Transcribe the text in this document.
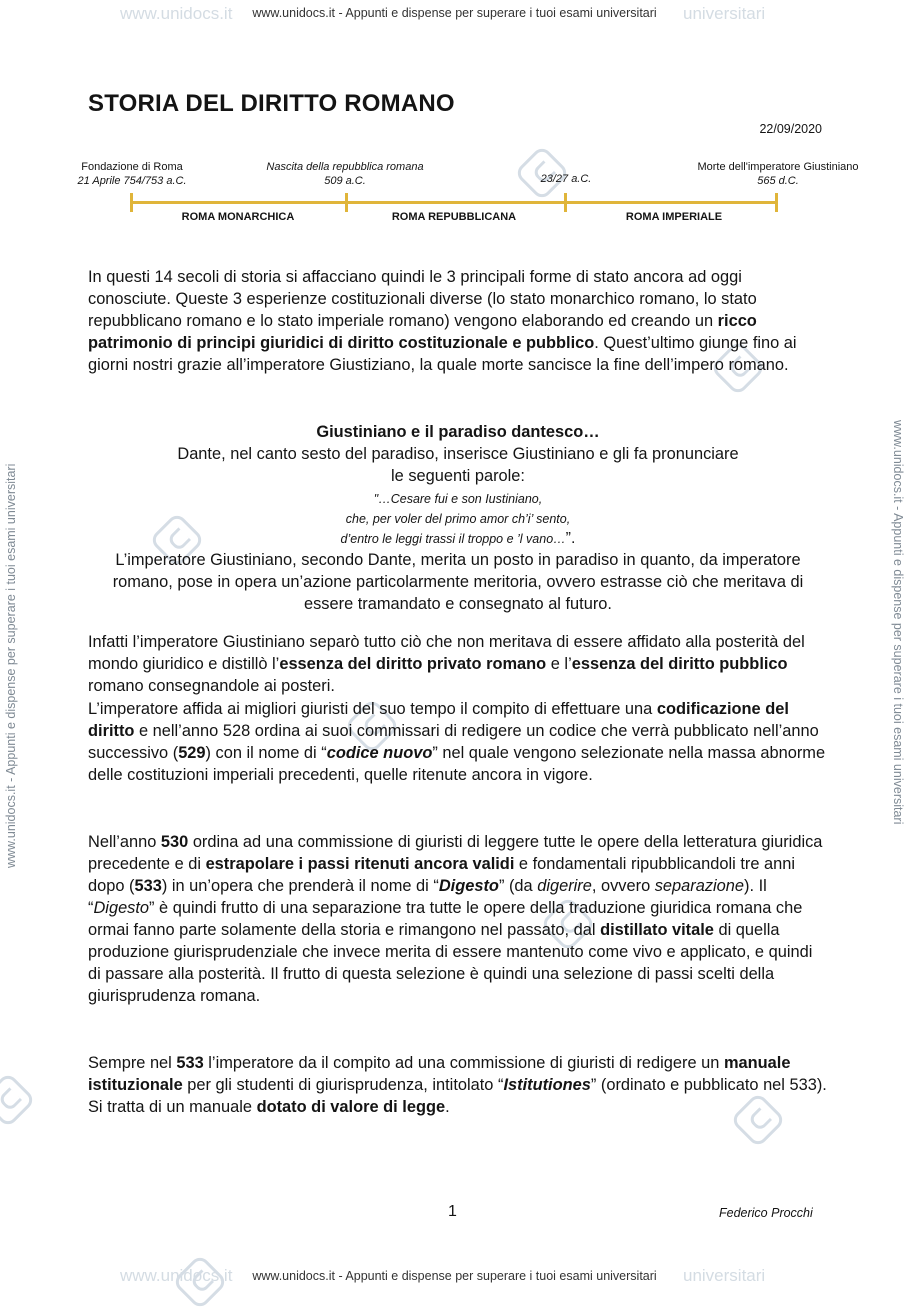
www.unidocs.it	universitari
www.unidocs.it	universitari
www.unidocs.it - Appunti e dispense per superare i tuoi esami universitari
www.unidocs.it - Appunti e dispense per superare i tuoi esami universitari
www.unidocs.it - Appunti e dispense per superare i tuoi esami universitari	www.unidocs.it - Appunti e dispense per superare i tuoi esami universitari
STORIA DEL DIRITTO ROMANO
22/09/2020
Fondazione di Roma
21 Aprile 754/753 a.C.
Nascita della repubblica romana
509 a.C.	23/27 a.C.
Morte dell'imperatore Giustiniano
565 d.C.
ROMA MONARCHICA	ROMA REPUBBLICANA	ROMA IMPERIALE
In questi 14 secoli di storia si affacciano quindi le 3 principali forme di stato ancora ad oggi conosciute. Queste 3 esperienze costituzionali diverse (lo stato monarchico romano, lo stato repubblicano romano e lo stato imperiale romano) vengono elaborando ed creando un ricco patrimonio di principi giuridici di diritto costituzionale e pubblico. Quest’ultimo giunge fino ai giorni nostri grazie all’imperatore Giustiziano, la quale morte sancisce la fine dell’impero romano.
Giustiniano e il paradiso dantesco…
Dante, nel canto sesto del paradiso, inserisce Giustiniano e gli fa pronunciare
le seguenti parole:
"…Cesare fui e son Iustiniano,
che, per voler del primo amor ch’i’ sento,
d’entro le leggi trassi il troppo e ’l vano…”.
L’imperatore Giustiniano, secondo Dante, merita un posto in paradiso in quanto, da imperatore romano, pose in opera un’azione particolarmente meritoria, ovvero estrasse ciò che meritava di essere tramandato e consegnato al futuro.
Infatti l’imperatore Giustiniano separò tutto ciò che non meritava di essere affidato alla posterità del mondo giuridico e distillò l’essenza del diritto privato romano e l’essenza del diritto pubblico romano consegnandole ai posteri.
L’imperatore affida ai migliori giuristi del suo tempo il compito di effettuare una codificazione del diritto e nell’anno 528 ordina ai suoi commissari di redigere un codice che verrà pubblicato nell’anno successivo (529) con il nome di “codice nuovo” nel quale vengono selezionate nella massa abnorme delle costituzioni imperiali precedenti, quelle ritenute ancora in vigore.
Nell’anno 530 ordina ad una commissione di giuristi di leggere tutte le opere della letteratura giuridica precedente e di estrapolare i passi ritenuti ancora validi e fondamentali ripubblicandoli tre anni dopo (533) in un’opera che prenderà il nome di “Digesto” (da digerire, ovvero separazione). Il “Digesto” è quindi frutto di una separazione tra tutte le opere della traduzione giuridica romana che ormai fanno parte solamente della storia e rimangono nel passato, dal distillato vitale di quella produzione giurisprudenziale che invece merita di essere mantenuto come vivo e applicato, e quindi di passare alla posterità. Il frutto di questa selezione è quindi una selezione di passi scelti della giurisprudenza romana.
Sempre nel 533 l’imperatore da il compito ad una commissione di giuristi di redigere un manuale istituzionale per gli studenti di giurisprudenza, intitolato “Istitutiones” (ordinato e pubblicato nel 533). Si tratta di un manuale dotato di valore di legge.
1	Federico Procchi
